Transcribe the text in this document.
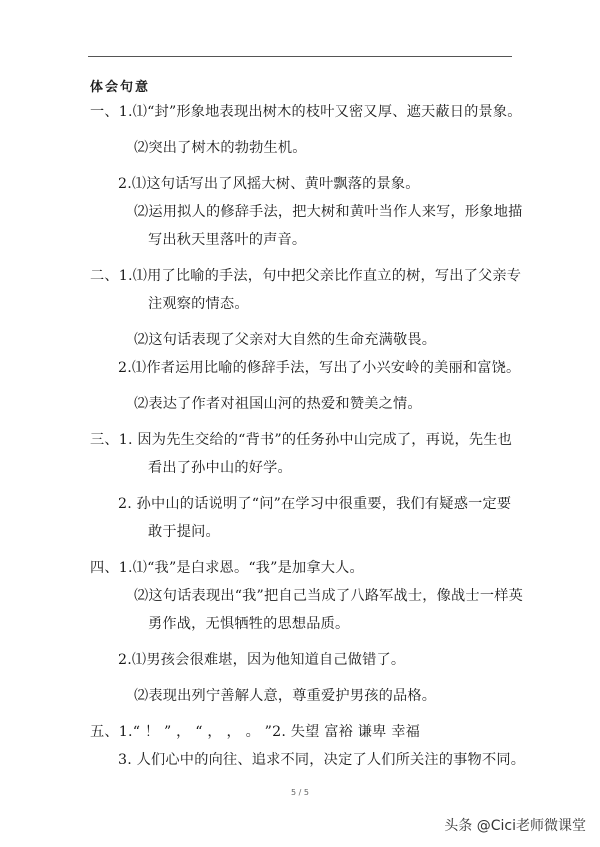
体会句意
一、1.⑴“封”形象地表现出树木的枝叶又密又厚、遮天蔽日的景象。
⑵突出了树木的勃勃生机。
2.⑴这句话写出了风摇大树、黄叶飘落的景象。
⑵运用拟人的修辞手法，把大树和黄叶当作人来写，形象地描
写出秋天里落叶的声音。
二、1.⑴用了比喻的手法，句中把父亲比作直立的树，写出了父亲专
注观察的情态。
⑵这句话表现了父亲对大自然的生命充满敬畏。
2.⑴作者运用比喻的修辞手法，写出了小兴安岭的美丽和富饶。
⑵表达了作者对祖国山河的热爱和赞美之情。
三、1. 因为先生交给的“背书”的任务孙中山完成了，再说，先生也
看出了孙中山的好学。
2. 孙中山的话说明了“问”在学习中很重要，我们有疑惑一定要
敢于提问。
四、1.⑴“我”是白求恩。“我”是加拿大人。
⑵这句话表现出“我”把自己当成了八路军战士，像战士一样英
勇作战，无惧牺牲的思想品质。
2.⑴男孩会很难堪，因为他知道自己做错了。
⑵表现出列宁善解人意，尊重爱护男孩的品格。
五、1.“ ！ ” ， “ ， ， 。 ”2. 失望 富裕 谦卑 幸福
3. 人们心中的向往、追求不同，决定了人们所关注的事物不同。
5 / 5
头条 @Cici老师微课堂
